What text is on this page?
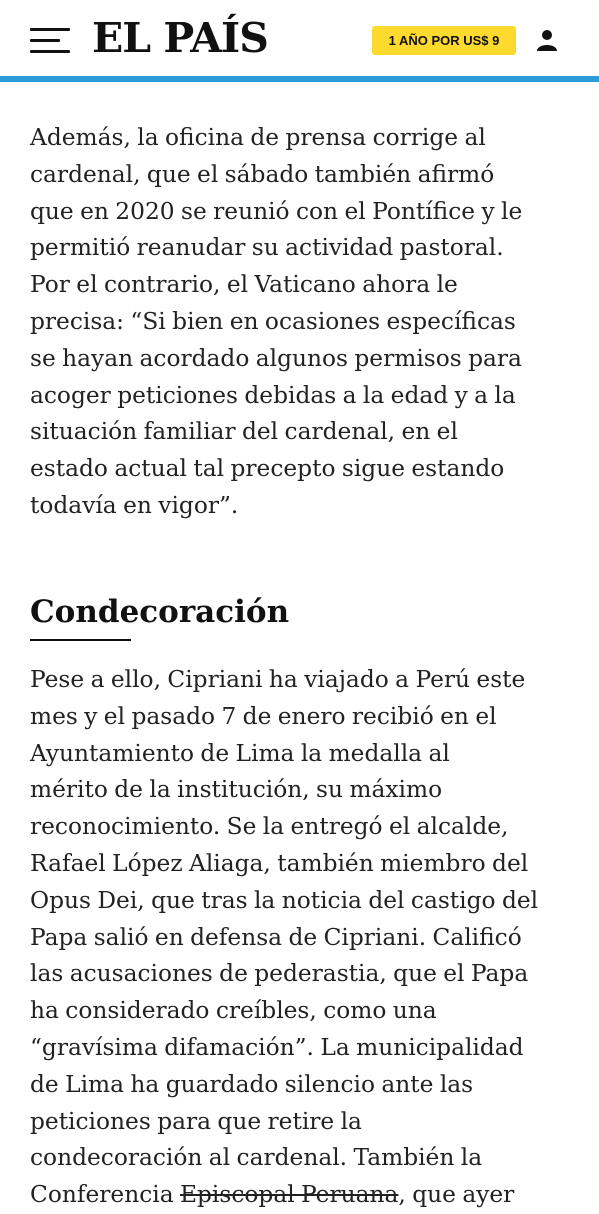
EL PAÍS	1 AÑO POR US$ 9

Además, la oficina de prensa corrige al
cardenal, que el sábado también afirmó
que en 2020 se reunió con el Pontífice y le
permitió reanudar su actividad pastoral.
Por el contrario, el Vaticano ahora le
precisa: “Si bien en ocasiones específicas
se hayan acordado algunos permisos para
acoger peticiones debidas a la edad y a la
situación familiar del cardenal, en el
estado actual tal precepto sigue estando
todavía en vigor”.

Condecoración

Pese a ello, Cipriani ha viajado a Perú este
mes y el pasado 7 de enero recibió en el
Ayuntamiento de Lima la medalla al
mérito de la institución, su máximo
reconocimiento. Se la entregó el alcalde,
Rafael López Aliaga, también miembro del
Opus Dei, que tras la noticia del castigo del
Papa salió en defensa de Cipriani. Calificó
las acusaciones de pederastia, que el Papa
ha considerado creíbles, como una
“gravísima difamación”. La municipalidad
de Lima ha guardado silencio ante las
peticiones para que retire la
condecoración al cardenal. También la

Conferencia Episcopal Peruana, que ayer
